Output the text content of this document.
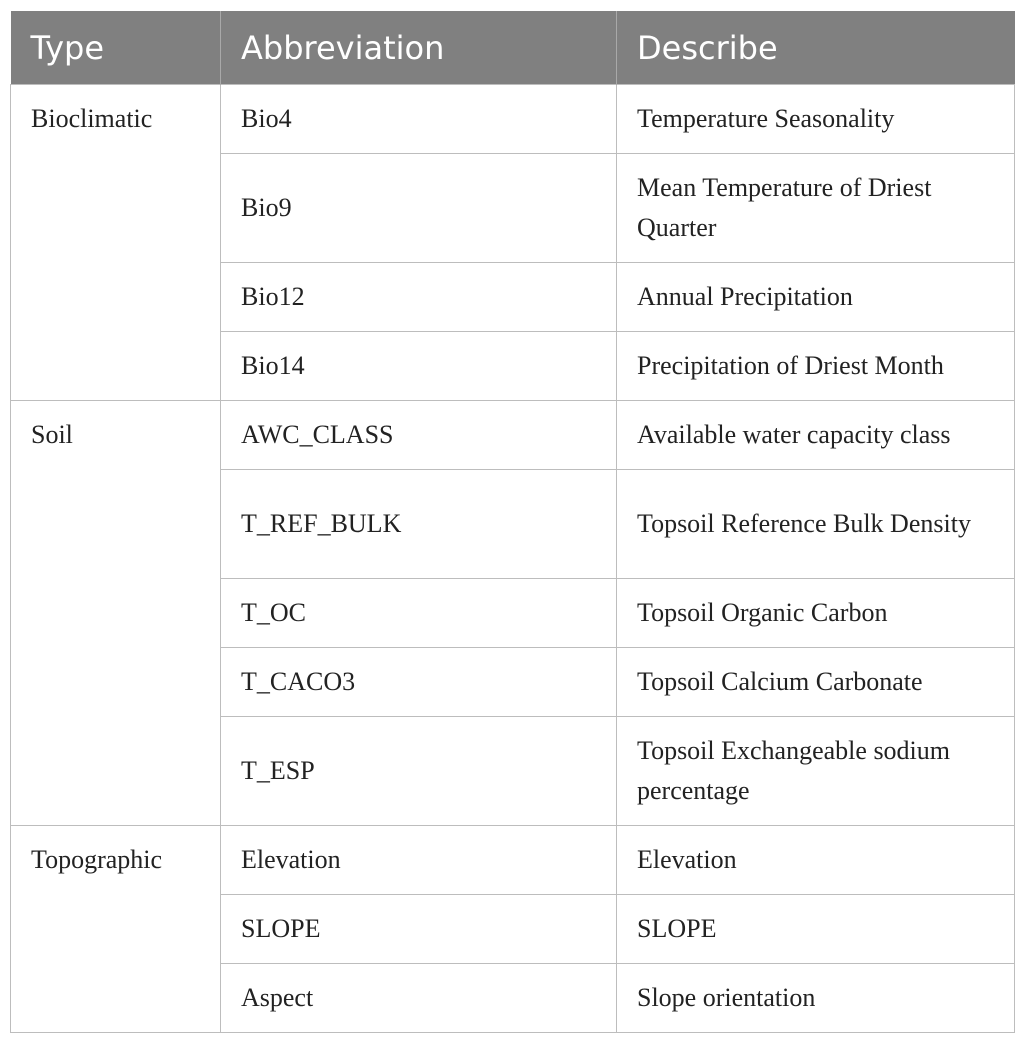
Type	Abbreviation	Describe
Bioclimatic	Bio4	Temperature Seasonality
	Bio9	Mean Temperature of Driest Quarter
	Bio12	Annual Precipitation
	Bio14	Precipitation of Driest Month
Soil	AWC_CLASS	Available water capacity class
	T_REF_BULK	Topsoil Reference Bulk Density
	T_OC	Topsoil Organic Carbon
	T_CACO3	Topsoil Calcium Carbonate
	T_ESP	Topsoil Exchangeable sodium percentage
Topographic	Elevation	Elevation
	SLOPE	SLOPE
	Aspect	Slope orientation
